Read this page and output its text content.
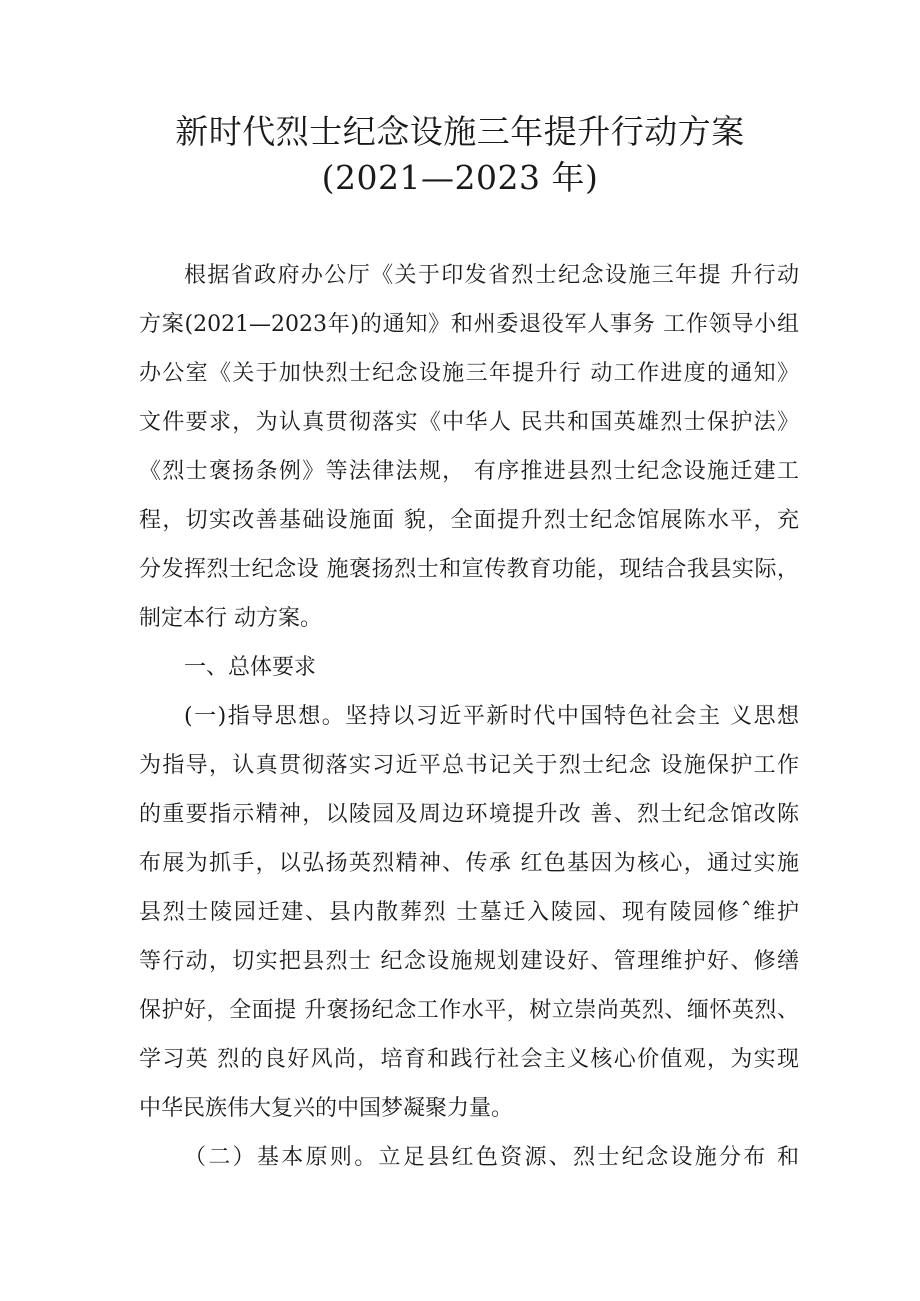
新时代烈士纪念设施三年提升行动方案
(2021—2023 年)
根据省政府办公厅《关于印发省烈士纪念设施三年提 升行动
方案(2021—2023年)的通知》和州委退役军人事务 工作领导小组
办公室《关于加快烈士纪念设施三年提升行 动工作进度的通知》
文件要求，为认真贯彻落实《中华人 民共和国英雄烈士保护法》
《烈士褒扬条例》等法律法规， 有序推进县烈士纪念设施迁建工
程，切实改善基础设施面 貌，全面提升烈士纪念馆展陈水平，充
分发挥烈士纪念设 施褒扬烈士和宣传教育功能，现结合我县实际，
制定本行 动方案。
一、总体要求
(一)指导思想。坚持以习近平新时代中国特色社会主 义思想
为指导，认真贯彻落实习近平总书记关于烈士纪念 设施保护工作
的重要指示精神，以陵园及周边环境提升改 善、烈士纪念馆改陈
布展为抓手，以弘扬英烈精神、传承 红色基因为核心，通过实施
县烈士陵园迁建、县内散葬烈 士墓迁入陵园、现有陵园修ˆ维护
等行动，切实把县烈士 纪念设施规划建设好、管理维护好、修缮
保护好，全面提 升褒扬纪念工作水平，树立崇尚英烈、缅怀英烈、
学习英 烈的良好风尚，培育和践行社会主义核心价值观，为实现
中华民族伟大复兴的中国梦凝聚力量。
（二）基本原则。立足县红色资源、烈士纪念设施分布 和
